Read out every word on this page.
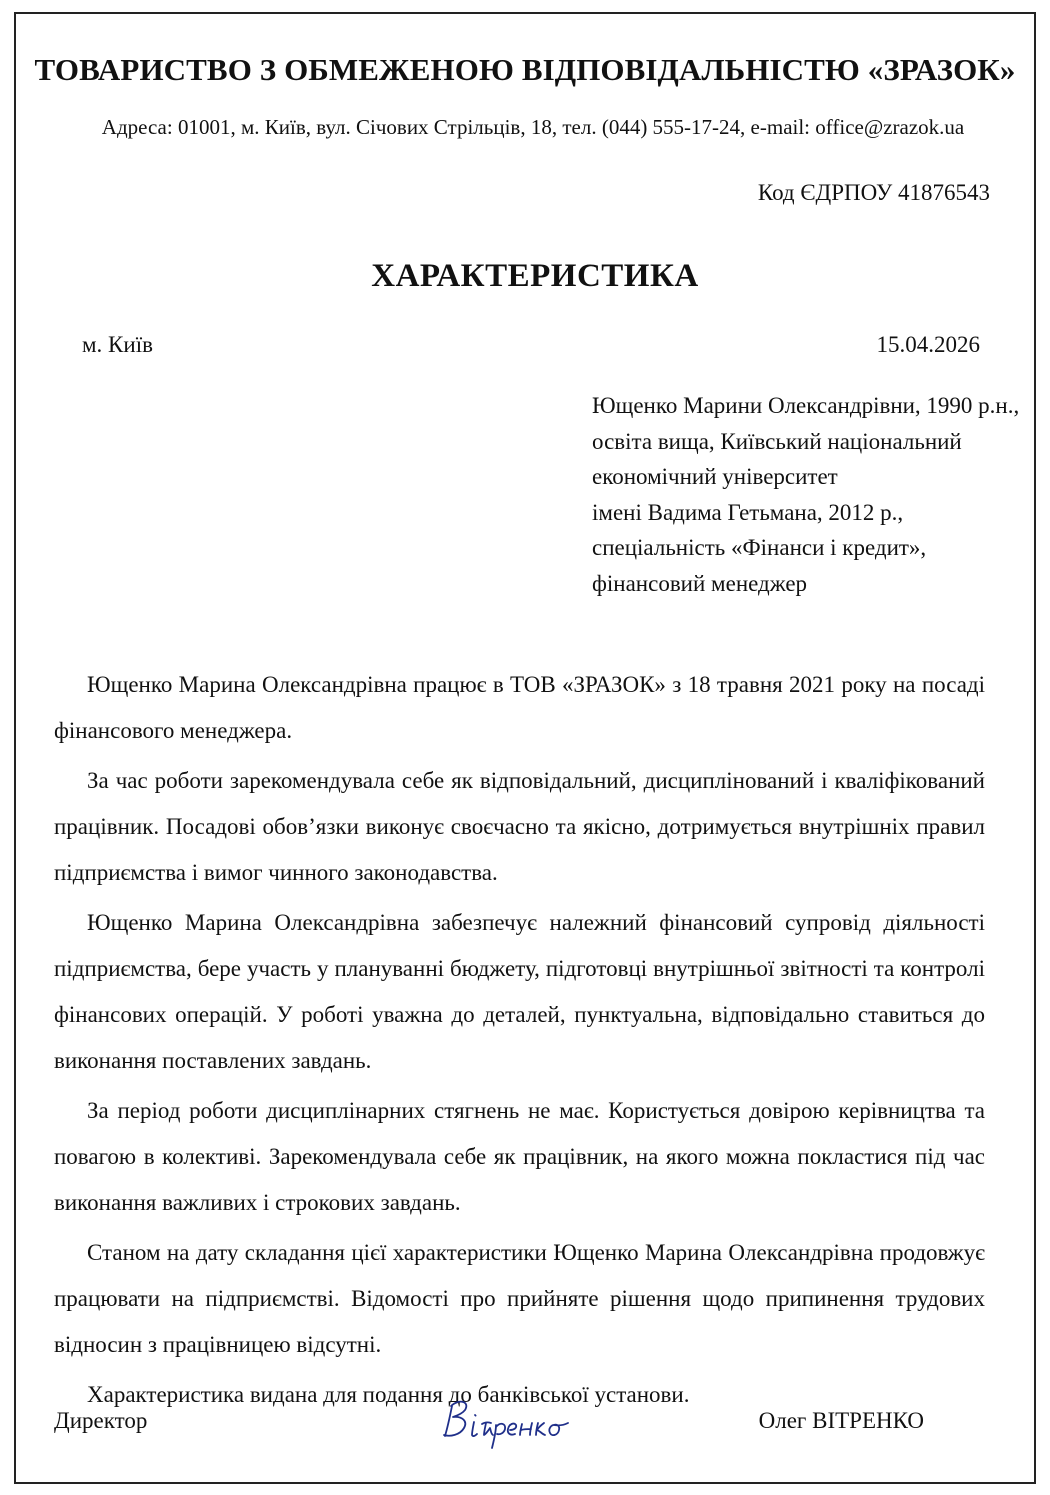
ТОВАРИСТВО З ОБМЕЖЕНОЮ ВІДПОВІДАЛЬНІСТЮ «ЗРАЗОК»

Адреса: 01001, м. Київ, вул. Січових Стрільців, 18, тел. (044) 555-17-24, e-mail: office@zrazok.ua

Код ЄДРПОУ 41876543

ХАРАКТЕРИСТИКА

м. Київ	15.04.2026

Ющенко Марини Олександрівни, 1990 р.н.,
освіта вища, Київський національний
економічний університет
імені Вадима Гетьмана, 2012 р.,
спеціальність «Фінанси і кредит»,
фінансовий менеджер

Ющенко Марина Олександрівна працює в ТОВ «ЗРАЗОК» з 18 травня 2021 року на посаді фінансового менеджера.

За час роботи зарекомендувала себе як відповідальний, дисциплінований і кваліфікований працівник. Посадові обов’язки виконує своєчасно та якісно, дотримується внутрішніх правил підприємства і вимог чинного законодавства.

Ющенко Марина Олександрівна забезпечує належний фінансовий супровід діяльності підприємства, бере участь у плануванні бюджету, підготовці внутрішньої звітності та контролі фінансових операцій. У роботі уважна до деталей, пунктуальна, відповідально ставиться до виконання поставлених завдань.

За період роботи дисциплінарних стягнень не має. Користується довірою керівництва та повагою в колективі. Зарекомендувала себе як працівник, на якого можна покластися під час виконання важливих і строкових завдань.

Станом на дату складання цієї характеристики Ющенко Марина Олександрівна продовжує працювати на підприємстві. Відомості про прийняте рішення щодо припинення трудових відносин з працівницею відсутні.

Характеристика видана для подання до банківської установи.

Директор	Олег ВІТРЕНКО
